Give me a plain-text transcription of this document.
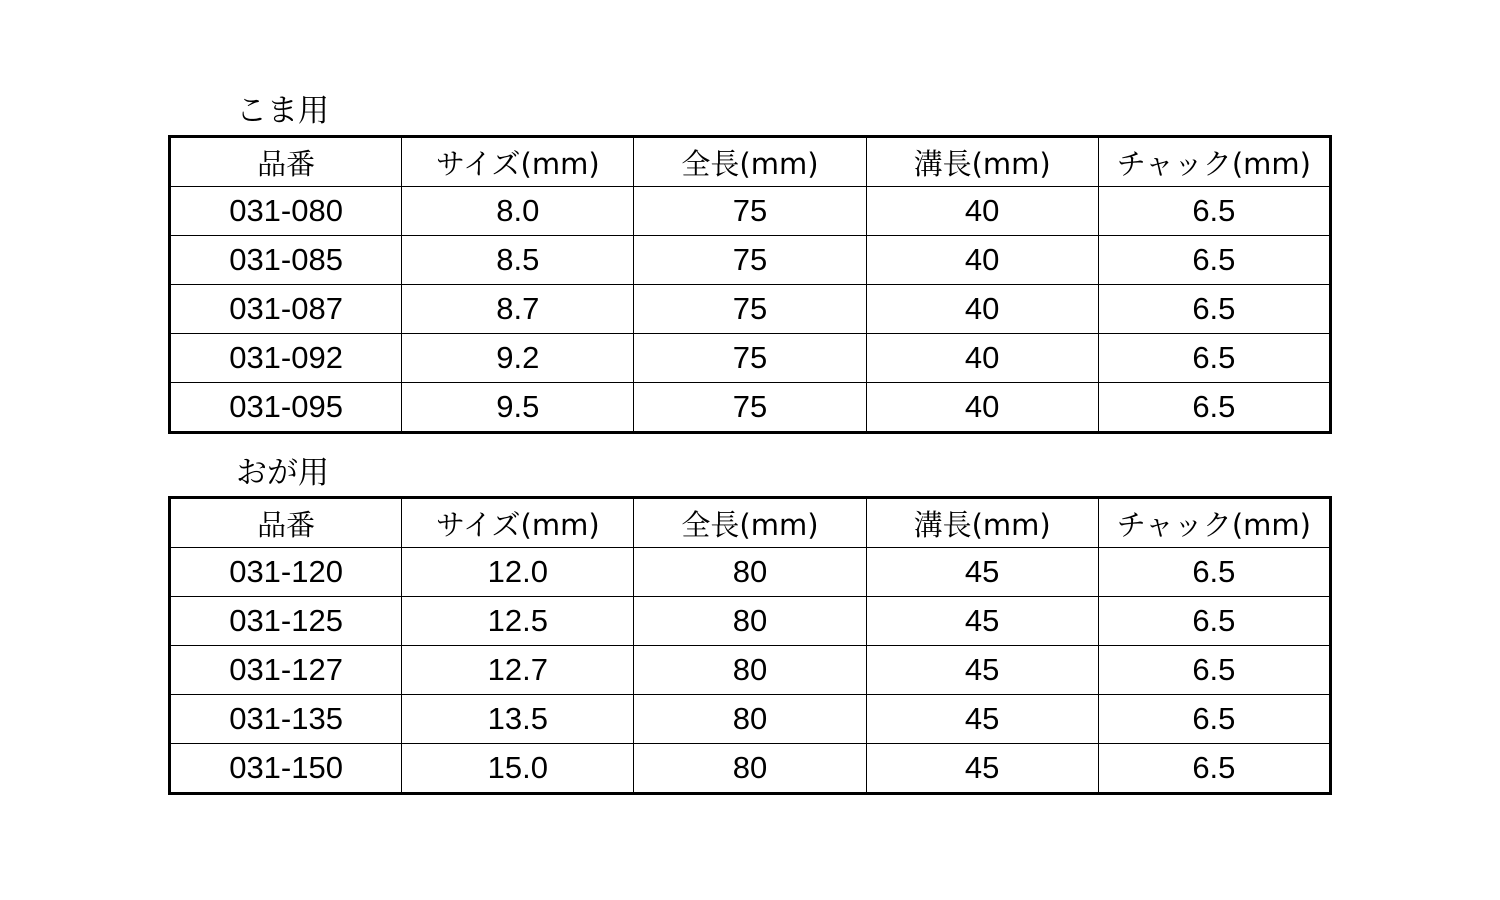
こま用
品番	サイズ(mm)	全長(mm)	溝長(mm)	チャック(mm)
031-080	8.0	75	40	6.5
031-085	8.5	75	40	6.5
031-087	8.7	75	40	6.5
031-092	9.2	75	40	6.5
031-095	9.5	75	40	6.5
おが用
品番	サイズ(mm)	全長(mm)	溝長(mm)	チャック(mm)
031-120	12.0	80	45	6.5
031-125	12.5	80	45	6.5
031-127	12.7	80	45	6.5
031-135	13.5	80	45	6.5
031-150	15.0	80	45	6.5
